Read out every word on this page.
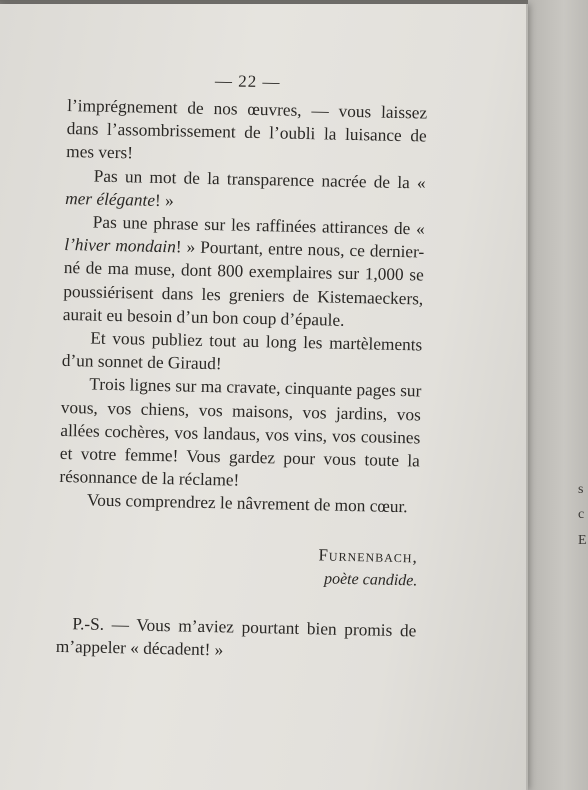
s
c
E
— 22 —

l’imprégnement de nos œuvres, — vous laissez dans l’assombrissement de l’oubli la luisance de mes vers!

Pas un mot de la transparence nacrée de la « mer élégante! »

Pas une phrase sur les raffinées attirances de « l’hiver mondain! » Pourtant, entre nous, ce dernier-né de ma muse, dont 800 exemplaires sur 1,000 se poussiérisent dans les greniers de Kistemaeckers, aurait eu besoin d’un bon coup d’épaule.

Et vous publiez tout au long les martèlements d’un sonnet de Giraud!

Trois lignes sur ma cravate, cinquante pages sur vous, vos chiens, vos maisons, vos jardins, vos allées cochères, vos landaus, vos vins, vos cousines et votre femme! Vous gardez pour vous toute la résonnance de la réclame!

Vous comprendrez le nâvrement de mon cœur.

Furnenbach,
poète candide.

P.-S. — Vous m’aviez pourtant bien promis de m’appeler « décadent! »
